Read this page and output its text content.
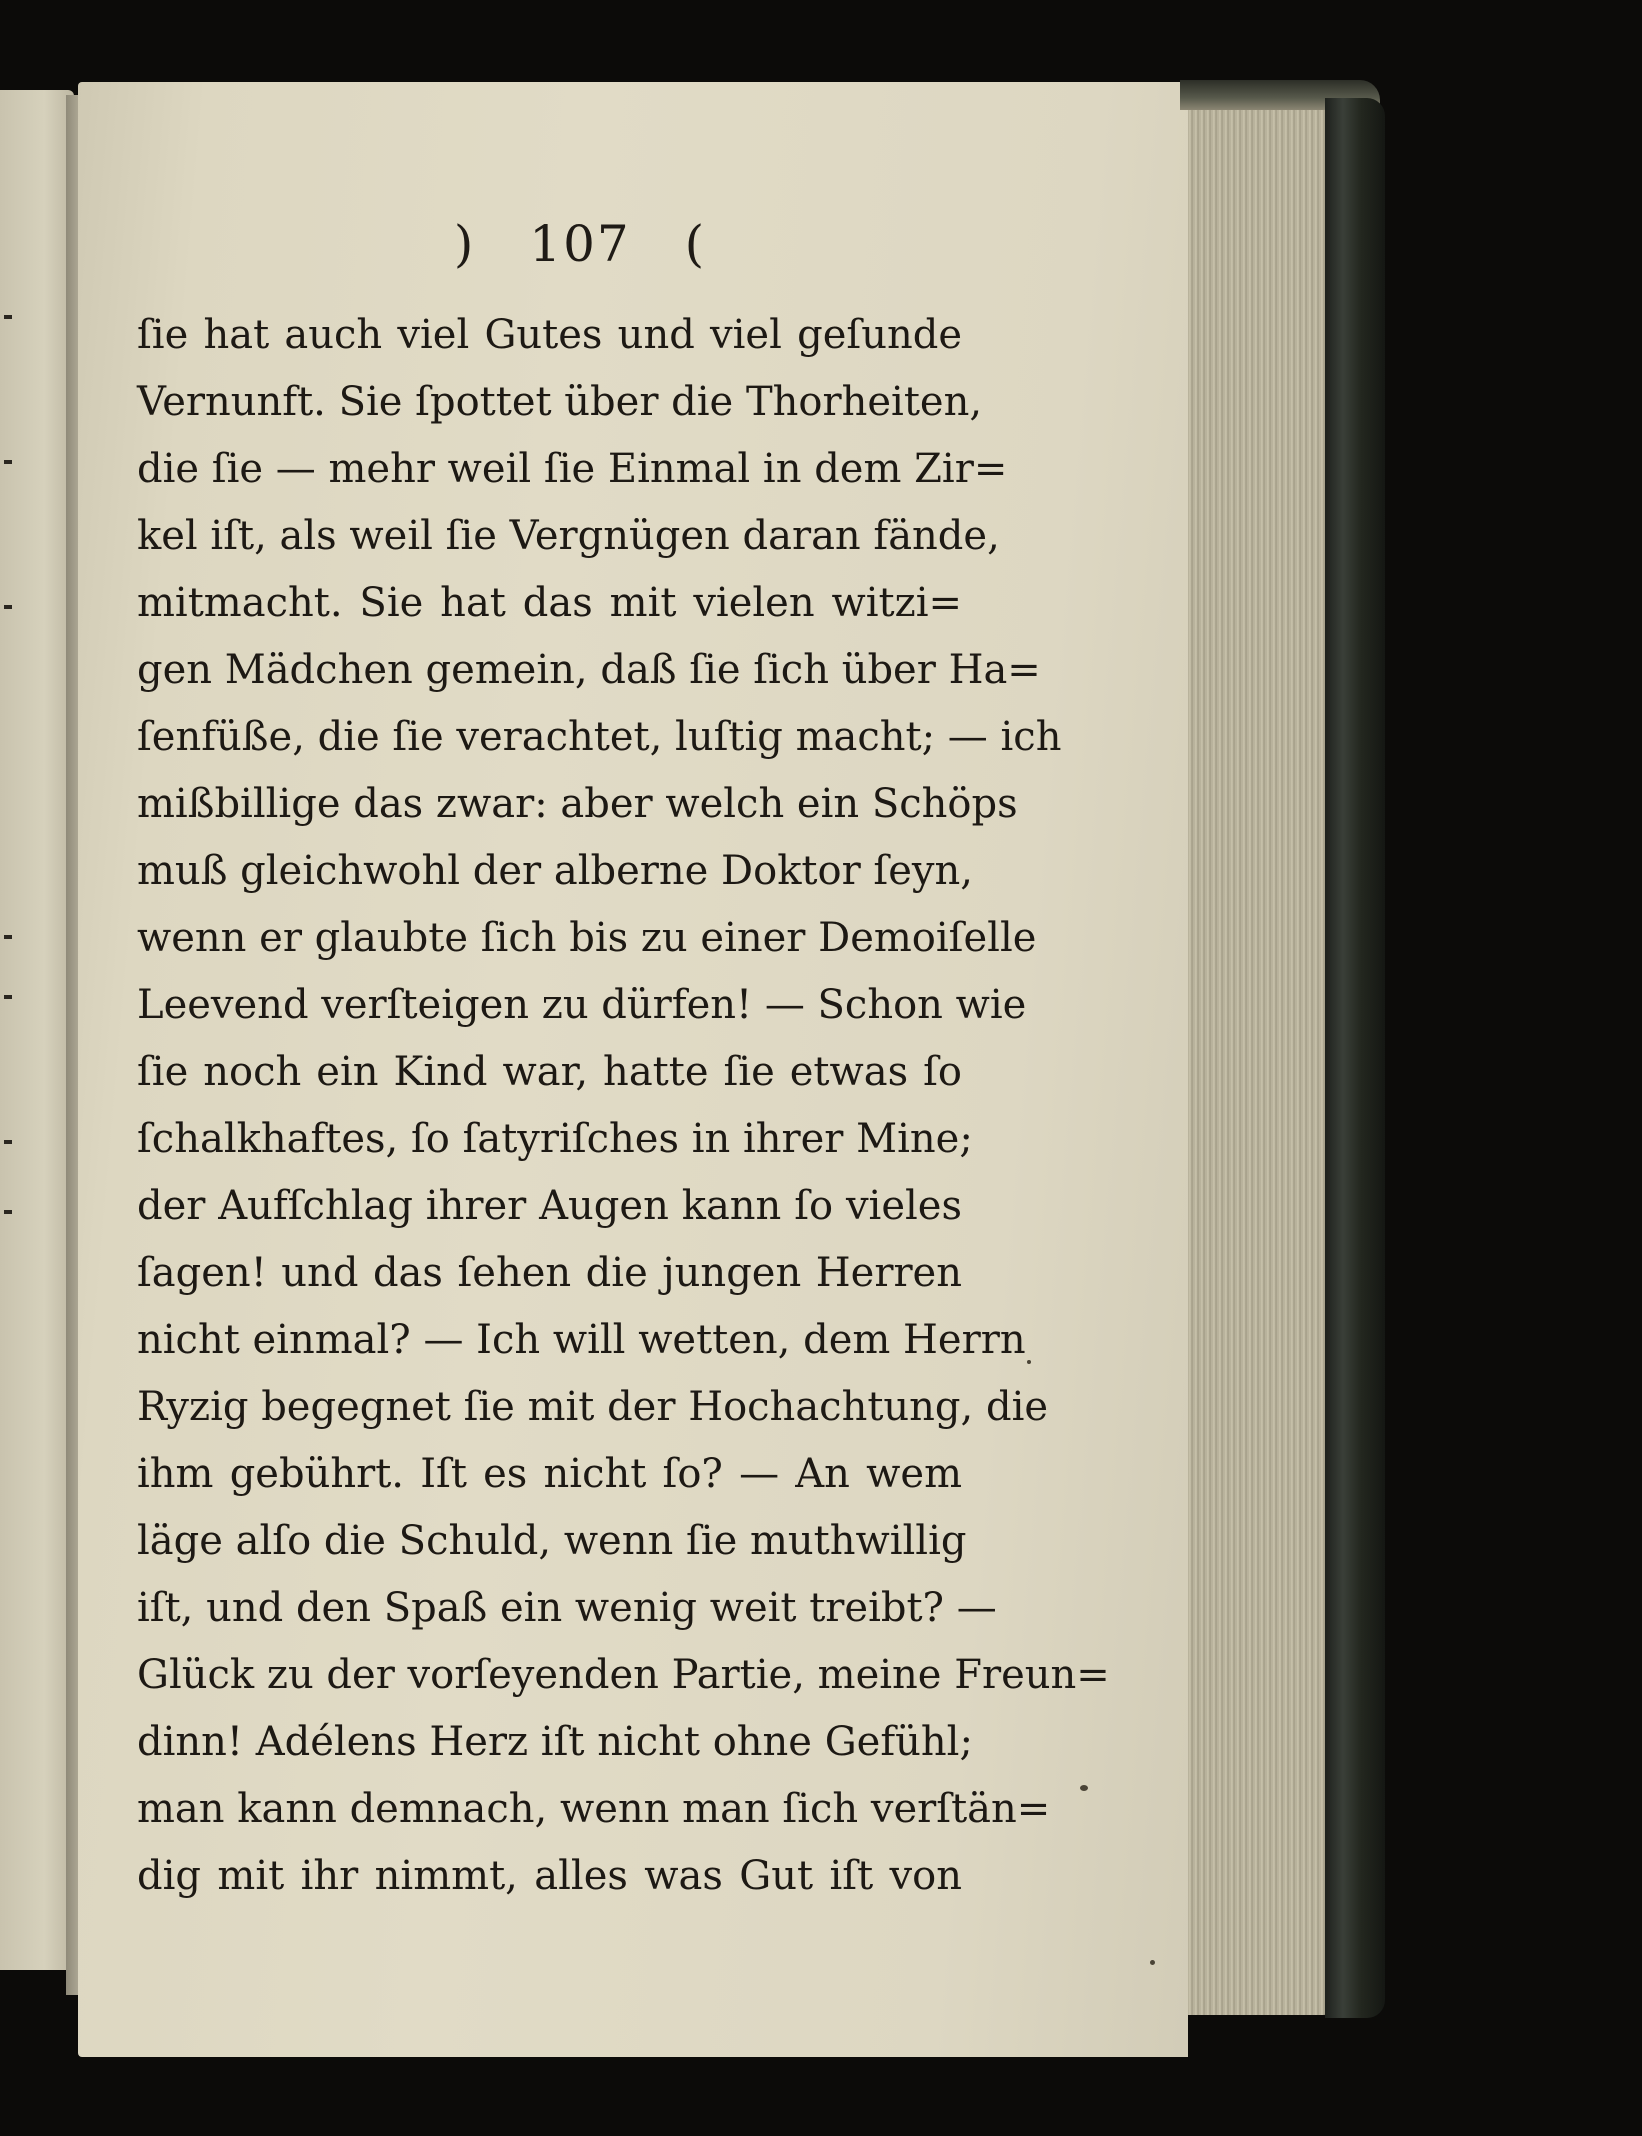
) 107 (
ſie hat auch viel Gutes und viel geſunde
Vernunft. Sie ſpottet über die Thorheiten,
die ſie — mehr weil ſie Einmal in dem Zir=
kel iſt, als weil ſie Vergnügen daran fände,
mitmacht. Sie hat das mit vielen witzi=
gen Mädchen gemein, daß ſie ſich über Ha=
ſenfüße, die ſie verachtet, luſtig macht; — ich
mißbillige das zwar: aber welch ein Schöps
muß gleichwohl der alberne Doktor ſeyn,
wenn er glaubte ſich bis zu einer Demoiſelle
Leevend verſteigen zu dürfen! — Schon wie
ſie noch ein Kind war, hatte ſie etwas ſo
ſchalkhaftes, ſo ſatyriſches in ihrer Mine;
der Aufſchlag ihrer Augen kann ſo vieles
ſagen! und das ſehen die jungen Herren
nicht einmal? — Ich will wetten, dem Herrn
Ryzig begegnet ſie mit der Hochachtung, die
ihm gebührt. Iſt es nicht ſo? — An wem
läge alſo die Schuld, wenn ſie muthwillig
iſt, und den Spaß ein wenig weit treibt? —
Glück zu der vorſeyenden Partie, meine Freun=
dinn! Adélens Herz iſt nicht ohne Gefühl;
man kann demnach, wenn man ſich verſtän=
dig mit ihr nimmt, alles was Gut iſt von
